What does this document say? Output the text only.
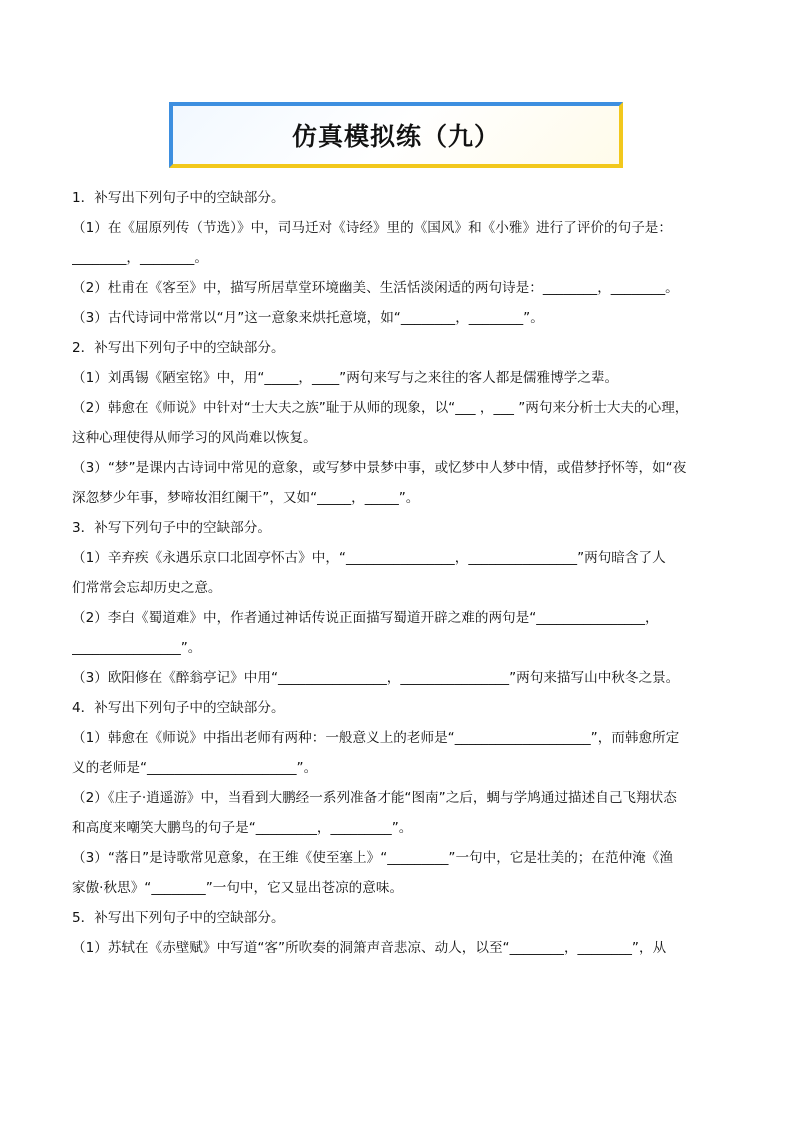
仿真模拟练（九）
1．补写出下列句子中的空缺部分。
（1）在《屈原列传（节选）》中，司马迁对《诗经》里的《国风》和《小雅》进行了评价的句子是：
________，________。
（2）杜甫在《客至》中，描写所居草堂环境幽美、生活恬淡闲适的两句诗是：________，________。
（3）古代诗词中常常以“月”这一意象来烘托意境，如“________，________”。
2．补写出下列句子中的空缺部分。
（1）刘禹锡《陋室铭》中，用“_____，____”两句来写与之来往的客人都是儒雅博学之辈。
（2）韩愈在《师说》中针对“士大夫之族”耻于从师的现象，以“___ ，___ ”两句来分析士大夫的心理，
这种心理使得从师学习的风尚难以恢复。
（3）“梦”是课内古诗词中常见的意象，或写梦中景梦中事，或忆梦中人梦中情，或借梦抒怀等，如“夜
深忽梦少年事，梦啼妆泪红阑干”，又如“_____，_____”。
3．补写下列句子中的空缺部分。
（1）辛弃疾《永遇乐京口北固亭怀古》中，“________________，________________”两句暗含了人
们常常会忘却历史之意。
（2）李白《蜀道难》中，作者通过神话传说正面描写蜀道开辟之难的两句是“________________，
________________”。
（3）欧阳修在《醉翁亭记》中用“________________，________________”两句来描写山中秋冬之景。
4．补写出下列句子中的空缺部分。
（1）韩愈在《师说》中指出老师有两种：一般意义上的老师是“____________________”，而韩愈所定
义的老师是“______________________”。
（2）《庄子·逍遥游》中，当看到大鹏经一系列准备才能“图南”之后，蜩与学鸠通过描述自己飞翔状态
和高度来嘲笑大鹏鸟的句子是“_________，_________”。
（3）“落日”是诗歌常见意象，在王维《使至塞上》“_________”一句中，它是壮美的；在范仲淹《渔
家傲·秋思》“________”一句中，它又显出苍凉的意味。
5．补写出下列句子中的空缺部分。
（1）苏轼在《赤壁赋》中写道“客”所吹奏的洞箫声音悲凉、动人，以至“________，________”，从
